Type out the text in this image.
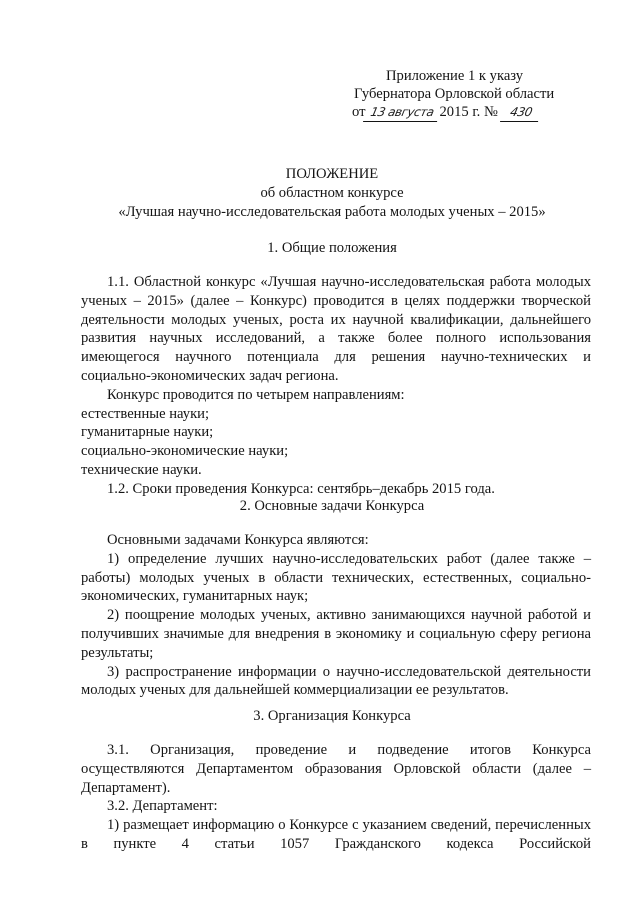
Приложение 1 к указу
Губернатора Орловской области
от 13 августа 2015 г. № 430
ПОЛОЖЕНИЕ
об областном конкурсе
«Лучшая научно-исследовательская работа молодых ученых – 2015»
1. Общие положения

1.1. Областной конкурс «Лучшая научно-исследовательская работа молодых ученых – 2015» (далее – Конкурс) проводится в целях поддержки творческой деятельности молодых ученых, роста их научной квалификации, дальнейшего развития научных исследований, а также более полного использования имеющегося научного потенциала для решения научно-технических и социально-экономических задач региона.

Конкурс проводится по четырем направлениям:

естественные науки;

гуманитарные науки;

социально-экономические науки;

технические науки.

1.2. Сроки проведения Конкурса: сентябрь–декабрь 2015 года.

2. Основные задачи Конкурса

Основными задачами Конкурса являются:

1) определение лучших научно-исследовательских работ (далее также – работы) молодых ученых в области технических, естественных, социально-экономических, гуманитарных наук;

2) поощрение молодых ученых, активно занимающихся научной работой и получивших значимые для внедрения в экономику и социальную сферу региона результаты;

3) распространение информации о научно-исследовательской деятельности молодых ученых для дальнейшей коммерциализации ее результатов.

3. Организация Конкурса

3.1. Организация, проведение и подведение итогов Конкурса осуществляются Департаментом образования Орловской области (далее – Департамент).

3.2. Департамент:

1) размещает информацию о Конкурсе с указанием сведений, перечисленных в пункте 4 статьи 1057 Гражданского кодекса Российской
